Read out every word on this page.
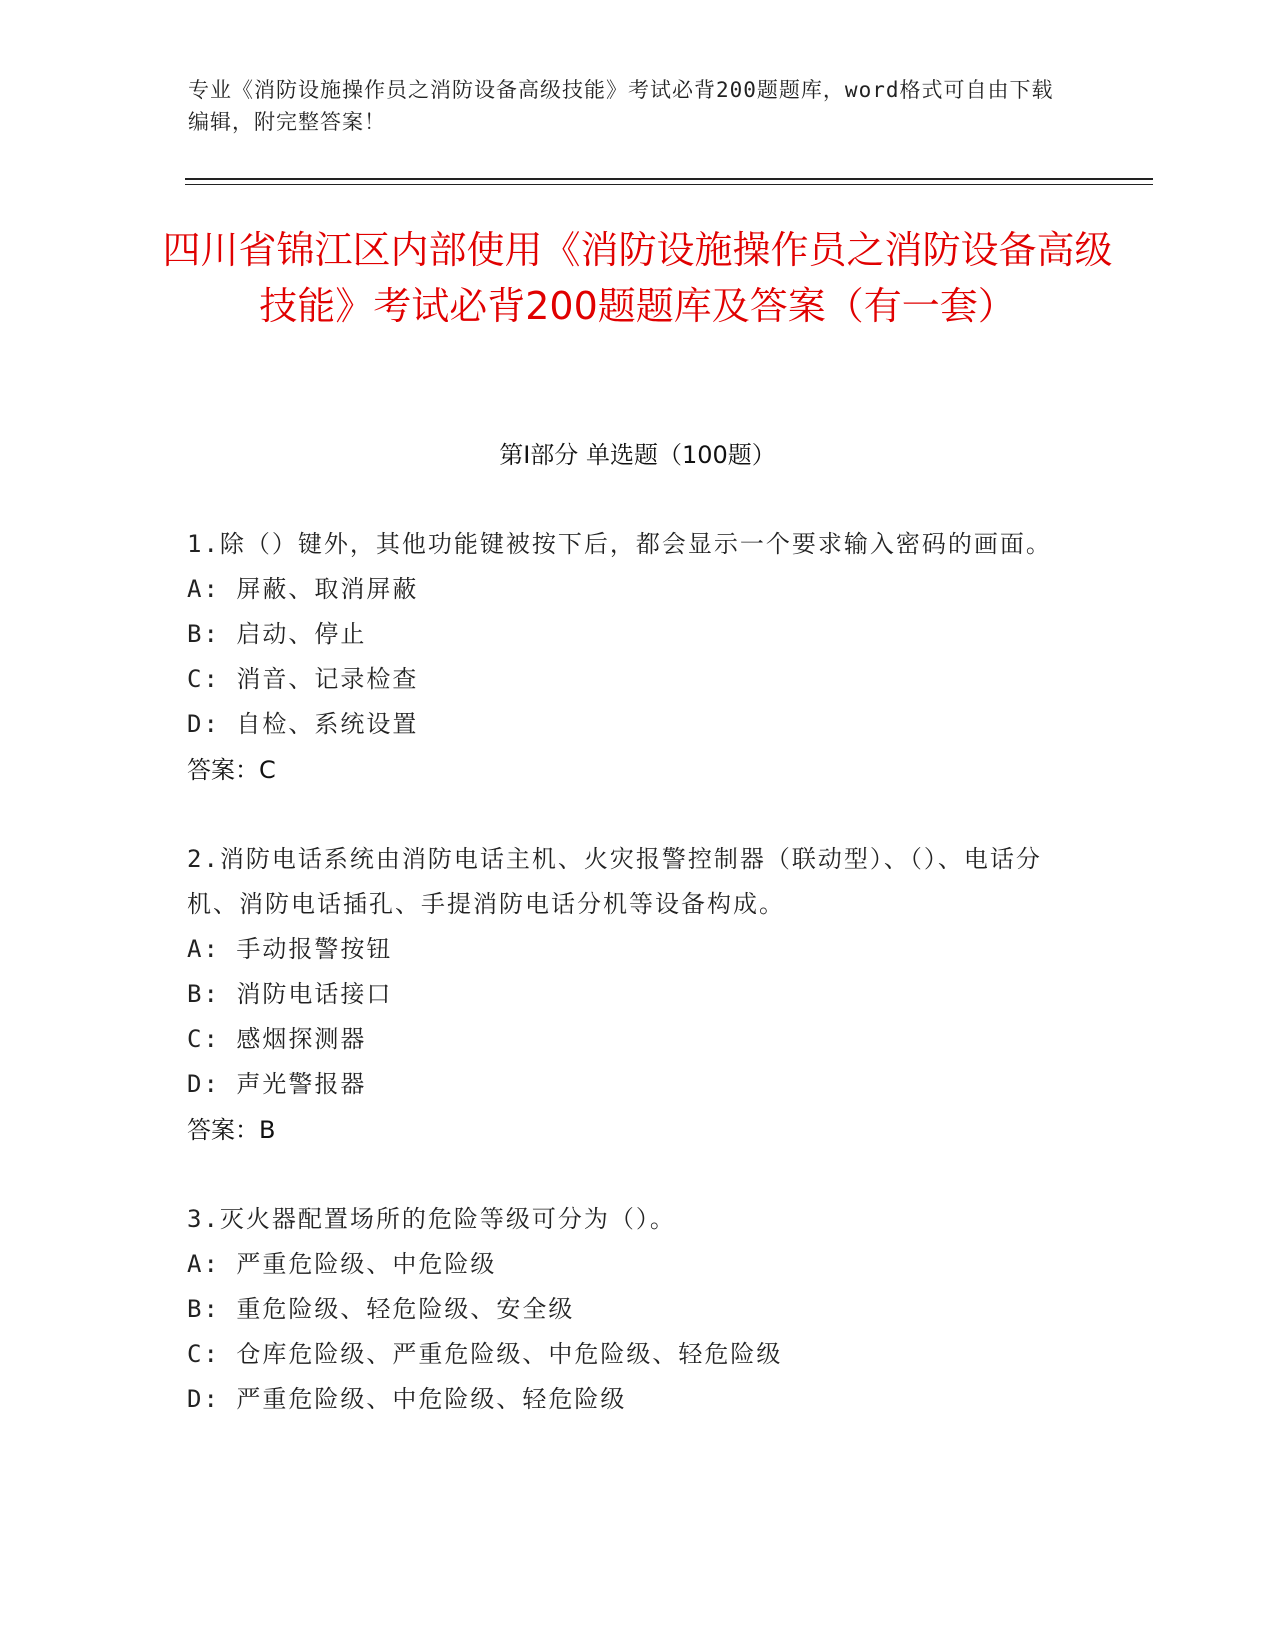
专业《消防设施操作员之消防设备高级技能》考试必背200题题库，word格式可自由下载编辑，附完整答案！
四川省锦江区内部使用《消防设施操作员之消防设备高级技能》考试必背200题题库及答案（有一套）
第I部分 单选题（100题）

1.除（）键外，其他功能键被按下后，都会显示一个要求输入密码的画面。

A: 屏蔽、取消屏蔽

B: 启动、停止

C: 消音、记录检查

D: 自检、系统设置

答案：C

2.消防电话系统由消防电话主机、火灾报警控制器（联动型）、（）、电话分机、消防电话插孔、手提消防电话分机等设备构成。

A: 手动报警按钮

B: 消防电话接口

C: 感烟探测器

D: 声光警报器

答案：B

3.灭火器配置场所的危险等级可分为（）。

A: 严重危险级、中危险级

B: 重危险级、轻危险级、安全级

C: 仓库危险级、严重危险级、中危险级、轻危险级

D: 严重危险级、中危险级、轻危险级
